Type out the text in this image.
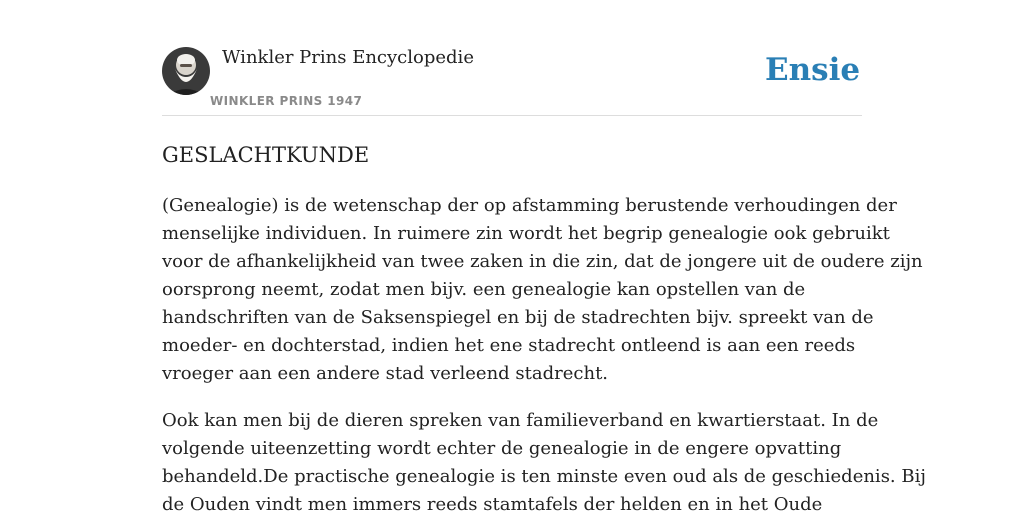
Winkler Prins Encyclopedie
WINKLER PRINS 1947
Ensie
GESLACHTKUNDE

(Genealogie) is de wetenschap der op afstamming berustende verhoudingen der
menselijke individuen. In ruimere zin wordt het begrip genealogie ook gebruikt
voor de afhankelijkheid van twee zaken in die zin, dat de jongere uit de oudere zijn
oorsprong neemt, zodat men bijv. een genealogie kan opstellen van de
handschriften van de Saksenspiegel en bij de stadrechten bijv. spreekt van de
moeder- en dochterstad, indien het ene stadrecht ontleend is aan een reeds
vroeger aan een andere stad verleend stadrecht.

Ook kan men bij de dieren spreken van familieverband en kwartierstaat. In de
volgende uiteenzetting wordt echter de genealogie in de engere opvatting
behandeld.De practische genealogie is ten minste even oud als de geschiedenis. Bij
de Ouden vindt men immers reeds stamtafels der helden en in het Oude
